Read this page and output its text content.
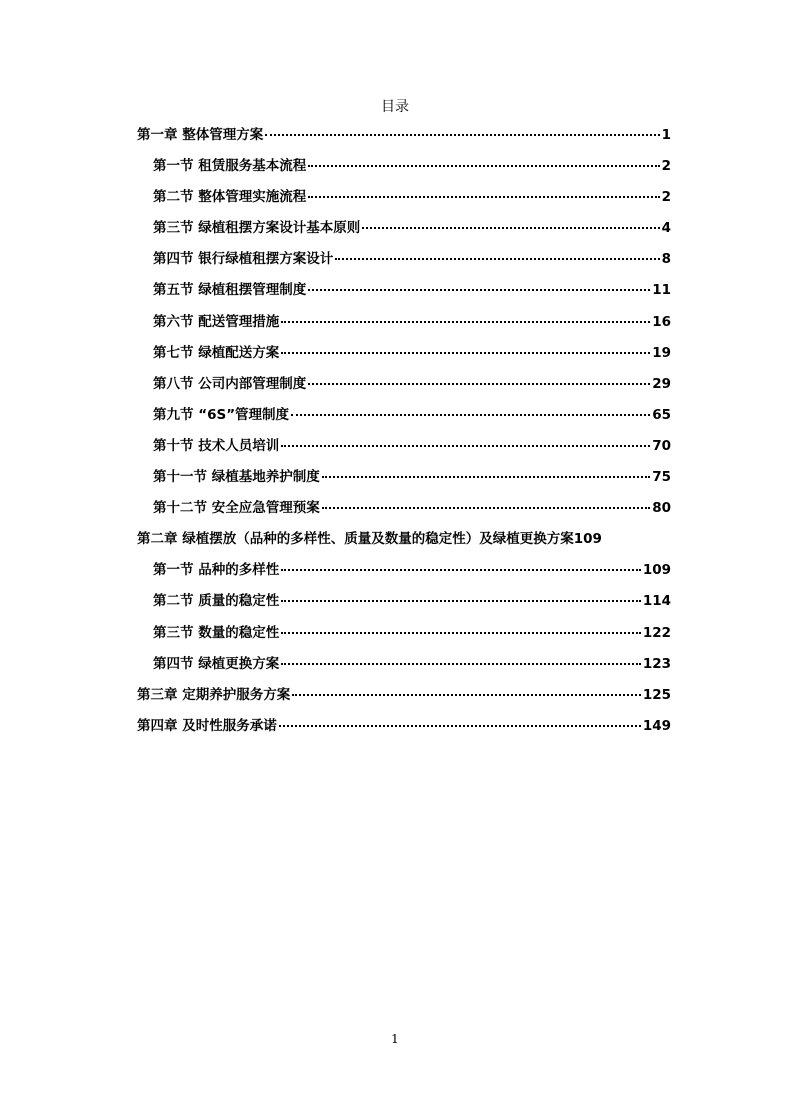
目录
第一章 整体管理方案	1
第一节 租赁服务基本流程	2
第二节 整体管理实施流程	2
第三节 绿植租摆方案设计基本原则	4
第四节 银行绿植租摆方案设计	8
第五节 绿植租摆管理制度	11
第六节 配送管理措施	16
第七节 绿植配送方案	19
第八节 公司内部管理制度	29
第九节 “6S”管理制度	65
第十节 技术人员培训	70
第十一节 绿植基地养护制度	75
第十二节 安全应急管理预案	80
第二章 绿植摆放（品种的多样性、质量及数量的稳定性）及绿植更换方案 109
第一节 品种的多样性	109
第二节 质量的稳定性	114
第三节 数量的稳定性	122
第四节 绿植更换方案	123
第三章 定期养护服务方案	125
第四章 及时性服务承诺	149
1
